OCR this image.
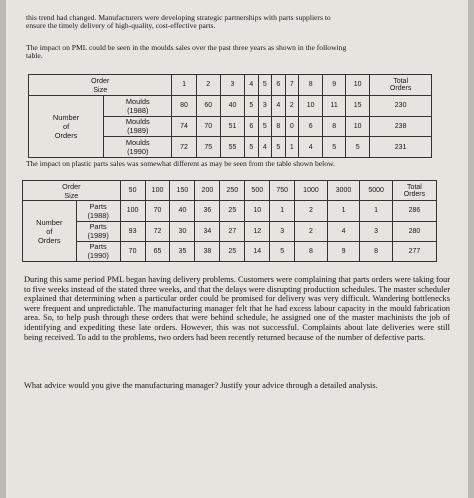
this trend had changed. Manufacturers were developing strategic partnerships with parts suppliers to
ensure the timely delivery of high-quality, cost-effective parts.

The impact on PML could be seen in the moulds sales over the past three years as shown in the following
table.

Order
Size		1	2	3	4	5	6	7	8	9	10	Total
Orders
Number
of
Orders	Moulds
(1988)	80	60	40	5	3	4	2	10	11	15	230
	Moulds
(1989)	74	70	51	6	5	8	0	6	8	10	238
	Moulds
(1990)	72	75	55	5	4	5	1	4	5	5	231

The impact on plastic parts sales was somewhat different as may be seen from the table shown below.

Order
Size		50	100	150	200	250	500	750	1000	3000	5000	Total
Orders
Number
of
Orders	Parts
(1988)	100	70	40	36	25	10	1	2	1	1	286
	Parts
(1989)	93	72	30	34	27	12	3	2	4	3	280
	Parts
(1990)	70	65	35	38	25	14	5	8	9	8	277

During this same period PML began having delivery problems. Customers were complaining that parts orders were taking four to five weeks instead of the stated three weeks, and that the delays were disrupting production schedules. The master scheduler explained that determining when a particular order could be promised for delivery was very difficult. Wandering bottlenecks were frequent and unpredictable. The manufacturing manager felt that he had excess labour capacity in the mould fabrication area. So, to help push through these orders that were behind schedule, he assigned one of the master machinists the job of identifying and expediting these late orders. However, this was not successful. Complaints about late deliveries were still being received. To add to the problems, two orders had been recently returned because of the number of defective parts.

What advice would you give the manufacturing manager? Justify your advice through a detailed analysis.
